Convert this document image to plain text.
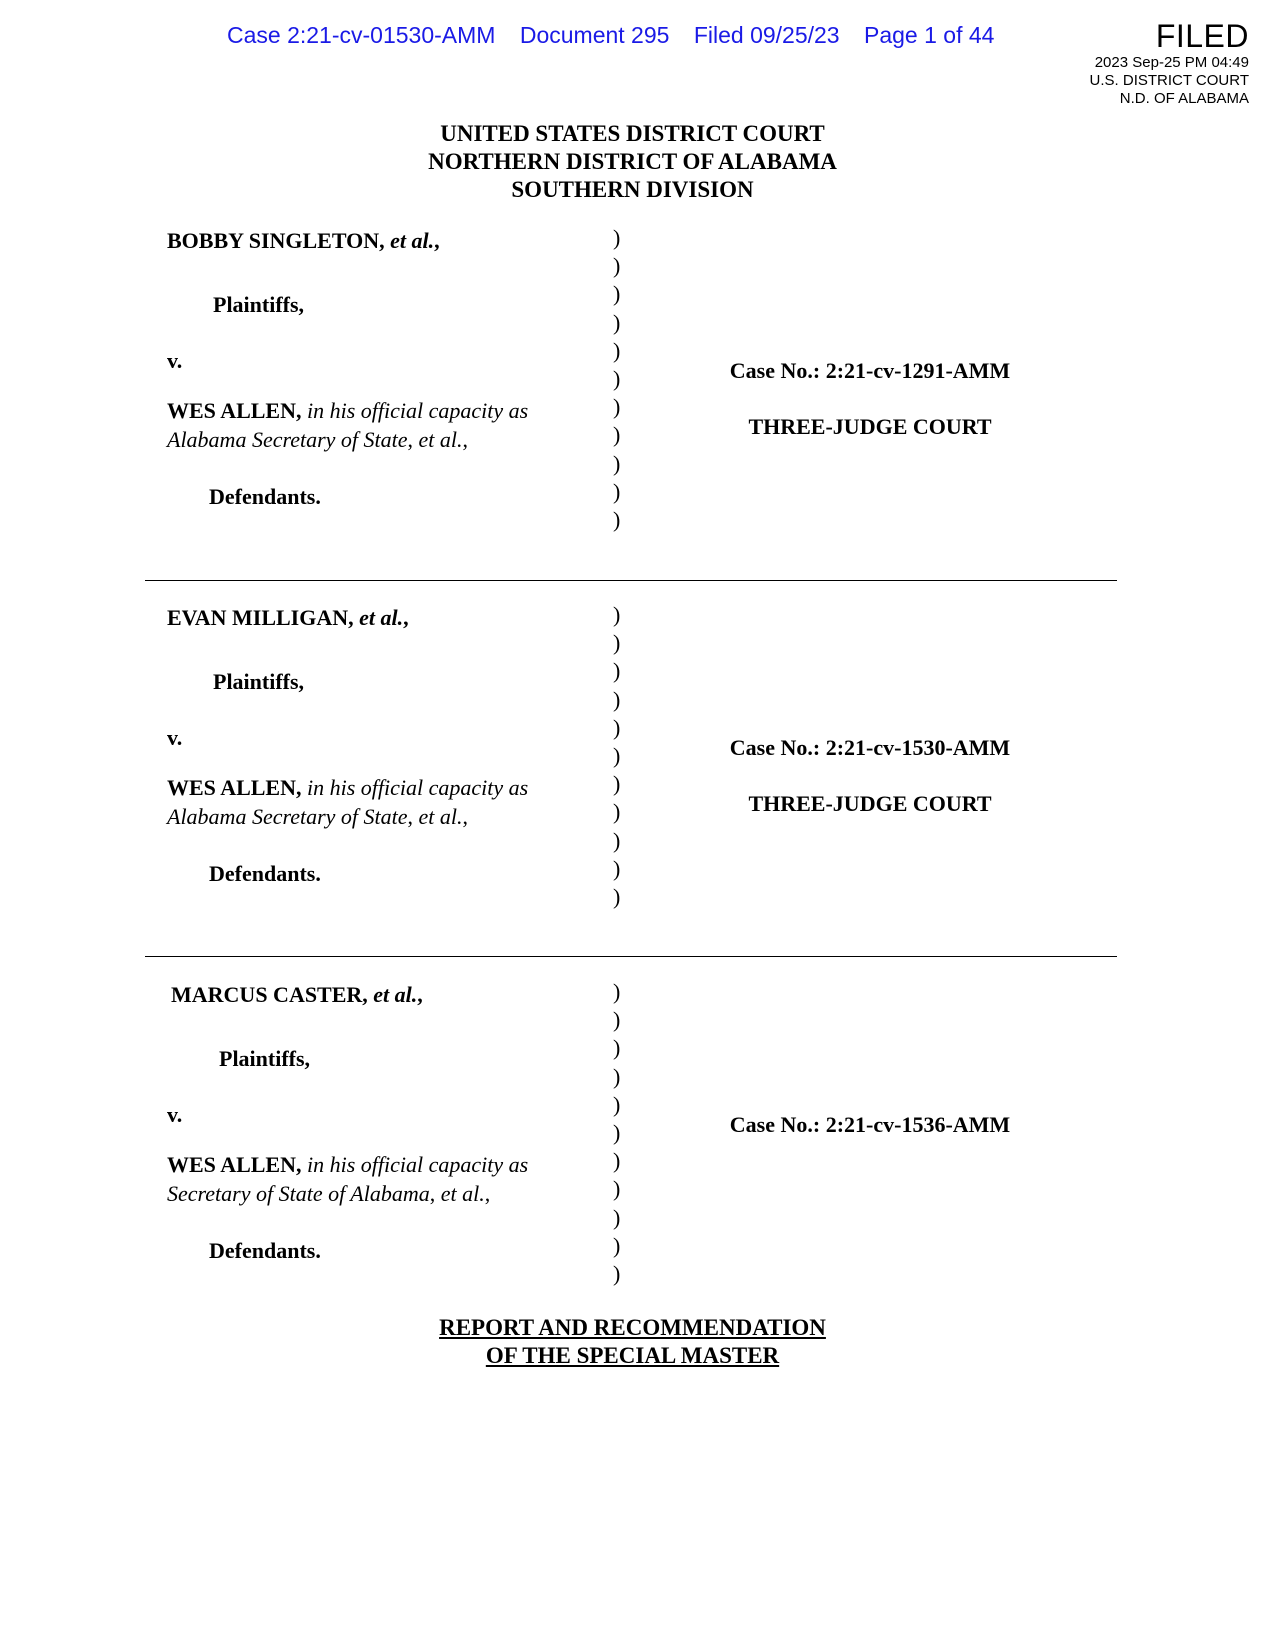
Case 2:21-cv-01530-AMM Document 295 Filed 09/25/23 Page 1 of 44	FILED
2023 Sep-25 PM 04:49
U.S. DISTRICT COURT
N.D. OF ALABAMA
UNITED STATES DISTRICT COURT
NORTHERN DISTRICT OF ALABAMA
SOUTHERN DIVISION
BOBBY SINGLETON, et al.,
Plaintiffs,
v.
WES ALLEN, in his official capacity as
Alabama Secretary of State, et al.,
Defendants.
)
)
)
)
)
)
)
)
)
)
)
Case No.: 2:21-cv-1291-AMM
THREE-JUDGE COURT
EVAN MILLIGAN, et al.,
Plaintiffs,
v.
WES ALLEN, in his official capacity as
Alabama Secretary of State, et al.,
Defendants.
)
)
)
)
)
)
)
)
)
)
)
Case No.: 2:21-cv-1530-AMM
THREE-JUDGE COURT
MARCUS CASTER, et al.,
Plaintiffs,
v.
WES ALLEN, in his official capacity as
Secretary of State of Alabama, et al.,
Defendants.
)
)
)
)
)
)
)
)
)
)
)
Case No.: 2:21-cv-1536-AMM
REPORT AND RECOMMENDATION
OF THE SPECIAL MASTER
